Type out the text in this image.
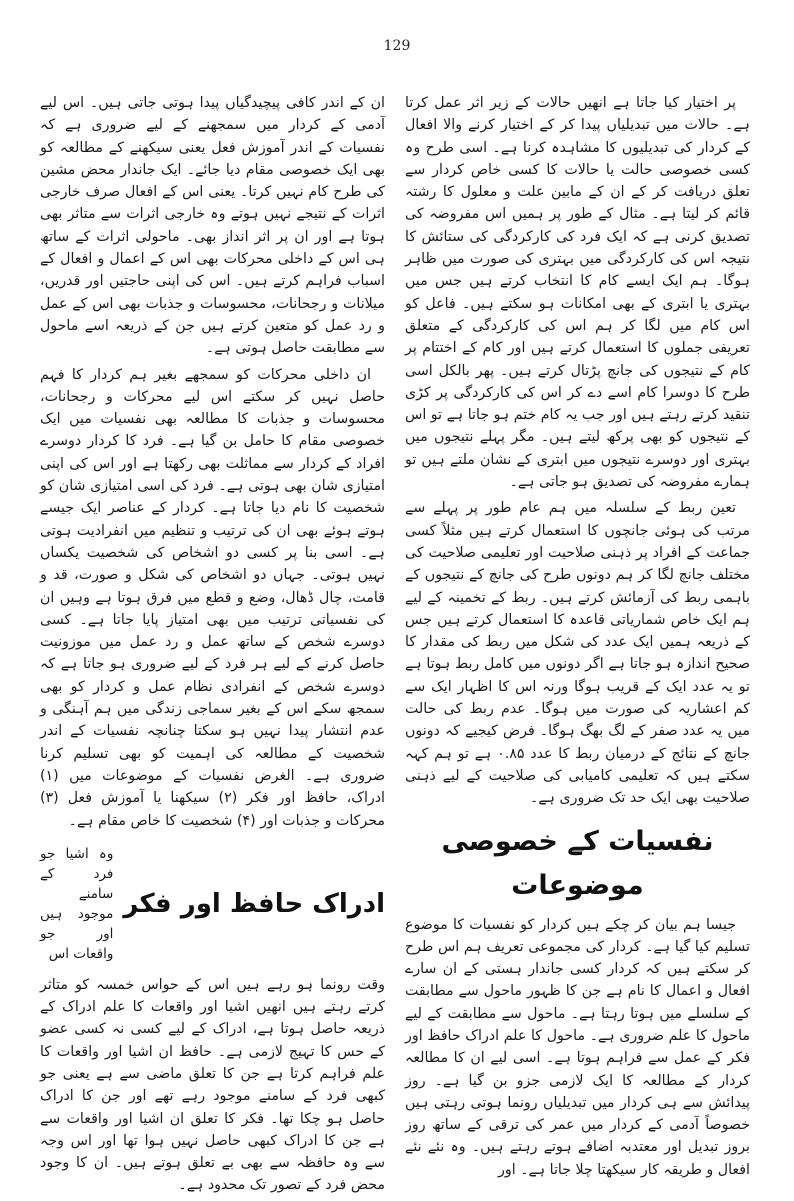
129

پر اختیار کیا جاتا ہے انھیں حالات کے زیر اثر عمل کرتا ہے۔ حالات میں تبدیلیاں پیدا کر کے اختیار کرنے والا افعال کے کردار کی تبدیلیوں کا مشاہدہ کرنا ہے۔ اسی طرح وہ کسی خصوصی حالت یا حالات کا کسی خاص کردار سے تعلق دریافت کر کے ان کے مابین علت و معلول کا رشتہ قائم کر لیتا ہے۔ مثال کے طور پر ہمیں اس مفروضہ کی تصدیق کرنی ہے کہ ایک فرد کی کارکردگی کی ستائش کا نتیجہ اس کی کارکردگی میں بہتری کی صورت میں ظاہر ہوگا۔ ہم ایک ایسے کام کا انتخاب کرتے ہیں جس میں بہتری یا ابتری کے بھی امکانات ہو سکتے ہیں۔ فاعل کو اس کام میں لگا کر ہم اس کی کارکردگی کے متعلق تعریفی جملوں کا استعمال کرتے ہیں اور کام کے اختتام پر کام کے نتیجوں کی جانچ پڑتال کرتے ہیں۔ پھر بالکل اسی طرح کا دوسرا کام اسے دے کر اس کی کارکردگی پر کڑی تنقید کرتے رہتے ہیں اور جب یہ کام ختم ہو جاتا ہے تو اس کے نتیجوں کو بھی پرکھ لیتے ہیں۔ مگر پہلے نتیجوں میں بہتری اور دوسرے نتیجوں میں ابتری کے نشان ملتے ہیں تو ہمارے مفروضہ کی تصدیق ہو جاتی ہے۔

تعین ربط کے سلسلہ میں ہم عام طور پر پہلے سے مرتب کی ہوئی جانچوں کا استعمال کرتے ہیں مثلاً کسی جماعت کے افراد پر ذہنی صلاحیت اور تعلیمی صلاحیت کی مختلف جانچ لگا کر ہم دونوں طرح کی جانچ کے نتیجوں کے باہمی ربط کی آزمائش کرتے ہیں۔ ربط کے تخمینہ کے لیے ہم ایک خاص شماریاتی قاعدہ کا استعمال کرتے ہیں جس کے ذریعہ ہمیں ایک عدد کی شکل میں ربط کی مقدار کا صحیح اندازہ ہو جاتا ہے اگر دونوں میں کامل ربط ہوتا ہے تو یہ عدد ایک کے قریب ہوگا ورنہ اس کا اظہار ایک سے کم اعشاریہ کی صورت میں ہوگا۔ عدم ربط کی حالت میں یہ عدد صفر کے لگ بھگ ہوگا۔ فرض کیجیے کہ دونوں جانچ کے نتائج کے درمیان ربط کا عدد ۰.۸۵ ہے تو ہم کہہ سکتے ہیں کہ تعلیمی کامیابی کی صلاحیت کے لیے ذہنی صلاحیت بھی ایک حد تک ضروری ہے۔

نفسیات کے خصوصی موضوعات

جیسا ہم بیان کر چکے ہیں کردار کو نفسیات کا موضوع تسلیم کیا گیا ہے۔ کردار کی مجموعی تعریف ہم اس طرح کر سکتے ہیں کہ کردار کسی جاندار ہستی کے ان سارے افعال و اعمال کا نام ہے جن کا ظہور ماحول سے مطابقت کے سلسلے میں ہوتا رہتا ہے۔ ماحول سے مطابقت کے لیے ماحول کا علم ضروری ہے۔ ماحول کا علم ادراک حافظ اور فکر کے عمل سے فراہم ہوتا ہے۔ اسی لیے ان کا مطالعہ کردار کے مطالعہ کا ایک لازمی جزو بن گیا ہے۔ روز پیدائش سے ہی کردار میں تبدیلیاں رونما ہوتی رہتی ہیں خصوصاً آدمی کے کردار میں عمر کی ترقی کے ساتھ روز بروز تبدیل اور معتدبہ اضافے ہوتے رہتے ہیں۔ وہ نئے نئے افعال و طریقہ کار سیکھتا چلا جاتا ہے۔ اور

ان کے اندر کافی پیچیدگیاں پیدا ہوتی جاتی ہیں۔ اس لیے آدمی کے کردار میں سمجھنے کے لیے ضروری ہے کہ نفسیات کے اندر آموزش فعل یعنی سیکھنے کے مطالعہ کو بھی ایک خصوصی مقام دیا جائے۔ ایک جاندار محض مشین کی طرح کام نہیں کرتا۔ یعنی اس کے افعال صرف خارجی اثرات کے نتیجے نہیں ہوتے وہ خارجی اثرات سے متاثر بھی ہوتا ہے اور ان پر اثر انداز بھی۔ ماحولی اثرات کے ساتھ ہی اس کے داخلی محرکات بھی اس کے اعمال و افعال کے اسباب فراہم کرتے ہیں۔ اس کی اپنی حاجتیں اور قدریں، میلانات و رجحانات، محسوسات و جذبات بھی اس کے عمل و رد عمل کو متعین کرتے ہیں جن کے ذریعہ اسے ماحول سے مطابقت حاصل ہوتی ہے۔

ان داخلی محرکات کو سمجھے بغیر ہم کردار کا فہم حاصل نہیں کر سکتے اس لیے محرکات و رجحانات، محسوسات و جذبات کا مطالعہ بھی نفسیات میں ایک خصوصی مقام کا حامل بن گیا ہے۔ فرد کا کردار دوسرے افراد کے کردار سے مماثلت بھی رکھتا ہے اور اس کی اپنی امتیازی شان بھی ہوتی ہے۔ فرد کی اسی امتیازی شان کو شخصیت کا نام دیا جاتا ہے۔ کردار کے عناصر ایک جیسے ہوتے ہوئے بھی ان کی ترتیب و تنظیم میں انفرادیت ہوتی ہے۔ اسی بنا پر کسی دو اشخاص کی شخصیت یکساں نہیں ہوتی۔ جہاں دو اشخاص کی شکل و صورت، قد و قامت، چال ڈھال، وضع و قطع میں فرق ہوتا ہے وہیں ان کی نفسیاتی ترتیب میں بھی امتیاز پایا جاتا ہے۔ کسی دوسرے شخص کے ساتھ عمل و رد عمل میں موزونیت حاصل کرنے کے لیے ہر فرد کے لیے ضروری ہو جاتا ہے کہ دوسرے شخص کے انفرادی نظام عمل و کردار کو بھی سمجھ سکے اس کے بغیر سماجی زندگی میں ہم آہنگی و عدم انتشار پیدا نہیں ہو سکتا چنانچہ نفسیات کے اندر شخصیت کے مطالعہ کی اہمیت کو بھی تسلیم کرنا ضروری ہے۔ الغرض نفسیات کے موضوعات میں (۱) ادراک، حافظ اور فکر (۲) سیکھنا یا آموزش فعل (۳) محرکات و جذبات اور (۴) شخصیت کا خاص مقام ہے۔

ادراک حافظ اور فکر
وہ اشیا جو فرد کے سامنے موجود ہیں اور جو واقعات اس

وقت رونما ہو رہے ہیں اس کے حواس خمسہ کو متاثر کرتے رہتے ہیں انھیں اشیا اور واقعات کا علم ادراک کے ذریعہ حاصل ہوتا ہے، ادراک کے لیے کسی نہ کسی عضو کے حس کا تہیج لازمی ہے۔ حافظ ان اشیا اور واقعات کا علم فراہم کرتا ہے جن کا تعلق ماضی سے ہے یعنی جو کبھی فرد کے سامنے موجود رہے تھے اور جن کا ادراک حاصل ہو چکا تھا۔ فکر کا تعلق ان اشیا اور واقعات سے ہے جن کا ادراک کبھی حاصل نہیں ہوا تھا اور اس وجہ سے وہ حافظہ سے بھی بے تعلق ہوتے ہیں۔ ان کا وجود محض فرد کے تصور تک محدود ہے۔
